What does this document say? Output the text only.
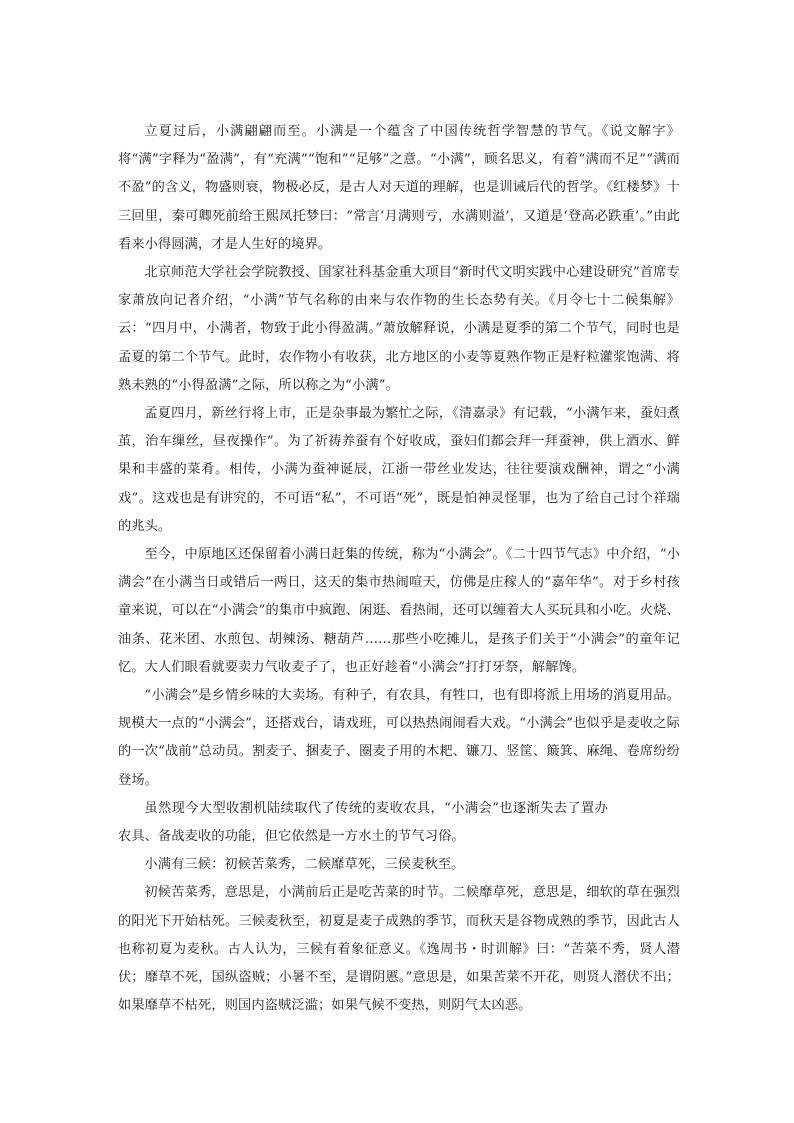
立夏过后，小满翩翩而至。小满是一个蕴含了中国传统哲学智慧的节气。《说文解字》将“满”字释为“盈满”，有“充满”“饱和”“足够”之意。“小满”，顾名思义，有着“满而不足”“满而不盈”的含义，物盛则衰，物极必反，是古人对天道的理解，也是训诫后代的哲学。《红楼梦》十三回里，秦可卿死前给王熙凤托梦曰：“常言‘月满则亏，水满则溢’，又道是‘登高必跌重’。”由此看来小得圆满，才是人生好的境界。

北京师范大学社会学院教授、国家社科基金重大项目“新时代文明实践中心建设研究”首席专家萧放向记者介绍，“小满”节气名称的由来与农作物的生长态势有关。《月令七十二候集解》云：“四月中，小满者，物致于此小得盈满。”萧放解释说，小满是夏季的第二个节气，同时也是孟夏的第二个节气。此时，农作物小有收获，北方地区的小麦等夏熟作物正是籽粒灌浆饱满、将熟未熟的“小得盈满”之际，所以称之为“小满”。

孟夏四月，新丝行将上市，正是杂事最为繁忙之际，《清嘉录》有记载，“小满乍来，蚕妇煮茧，治车缫丝，昼夜操作”。为了祈祷养蚕有个好收成，蚕妇们都会拜一拜蚕神，供上酒水、鲜果和丰盛的菜肴。相传，小满为蚕神诞辰，江浙一带丝业发达，往往要演戏酬神，谓之“小满戏”。这戏也是有讲究的，不可语“私”，不可语“死”，既是怕神灵怪罪，也为了给自己讨个祥瑞的兆头。

至今，中原地区还保留着小满日赶集的传统，称为“小满会”。《二十四节气志》中介绍，“小满会”在小满当日或错后一两日，这天的集市热闹喧天，仿佛是庄稼人的“嘉年华”。对于乡村孩童来说，可以在“小满会”的集市中疯跑、闲逛、看热闹，还可以缠着大人买玩具和小吃。火烧、油条、花米团、水煎包、胡辣汤、糖葫芦……那些小吃摊儿，是孩子们关于“小满会”的童年记忆。大人们眼看就要卖力气收麦子了，也正好趁着“小满会”打打牙祭，解解馋。

“小满会”是乡情乡味的大卖场。有种子，有农具，有牲口，也有即将派上用场的消夏用品。规模大一点的“小满会”，还搭戏台，请戏班，可以热热闹闹看大戏。“小满会”也似乎是麦收之际的一次“战前”总动员。割麦子、捆麦子、圈麦子用的木耙、镰刀、竖筐、簸箕、麻绳、卷席纷纷登场。

虽然现今大型收割机陆续取代了传统的麦收农具，“小满会”也逐渐失去了置办农具、备战麦收的功能，但它依然是一方水土的节气习俗。

小满有三候：初候苦菜秀，二候靡草死，三侯麦秋至。

初候苦菜秀，意思是，小满前后正是吃苦菜的时节。二候靡草死，意思是，细软的草在强烈的阳光下开始枯死。三候麦秋至，初夏是麦子成熟的季节，而秋天是谷物成熟的季节，因此古人也称初夏为麦秋。古人认为，三候有着象征意义。《逸周书・时训解》曰：“苦菜不秀，贤人潜伏；靡草不死，国纵盗贼；小暑不至，是谓阴慝。”意思是，如果苦菜不开花，则贤人潜伏不出；如果靡草不枯死，则国内盗贼泛滥；如果气候不变热，则阴气太凶恶。
